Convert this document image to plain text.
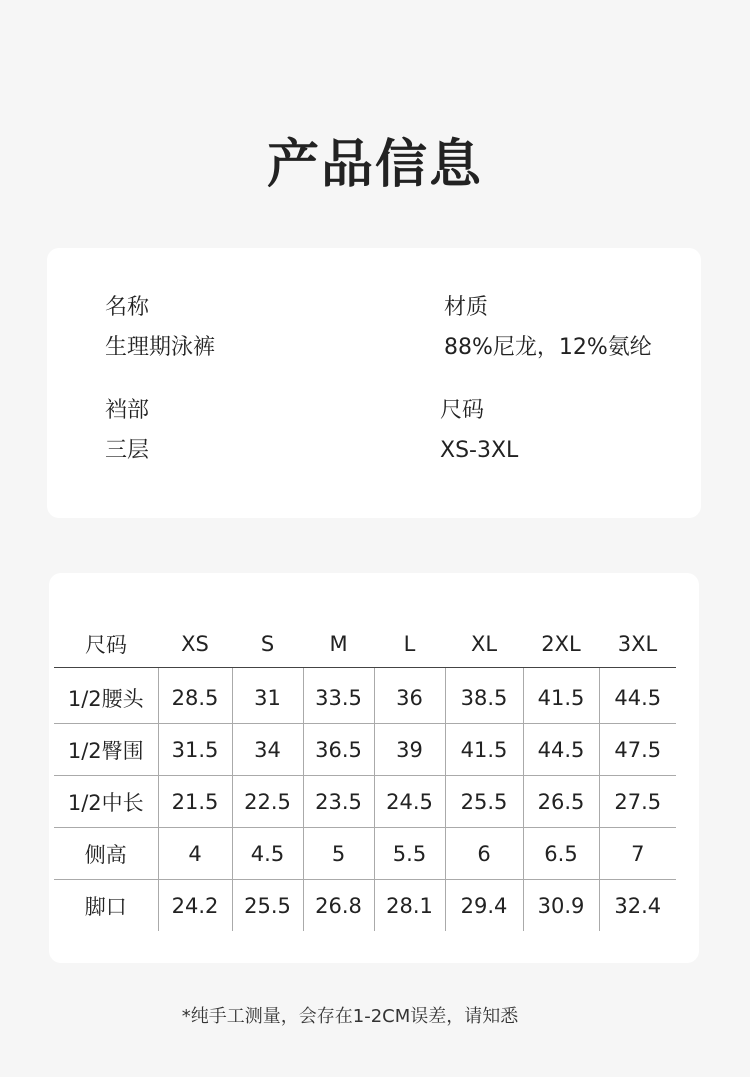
产品信息
名称
生理期泳裤
材质
88%尼龙，12%氨纶
裆部
三层
尺码
XS-3XL
尺码	XS	S	M	L	XL	2XL	3XL
1/2腰头	28.5	31	33.5	36	38.5	41.5	44.5
1/2臀围	31.5	34	36.5	39	41.5	44.5	47.5
1/2中长	21.5	22.5	23.5	24.5	25.5	26.5	27.5
侧高	4	4.5	5	5.5	6	6.5	7
脚口	24.2	25.5	26.8	28.1	29.4	30.9	32.4
*纯手工测量，会存在1-2CM误差，请知悉
